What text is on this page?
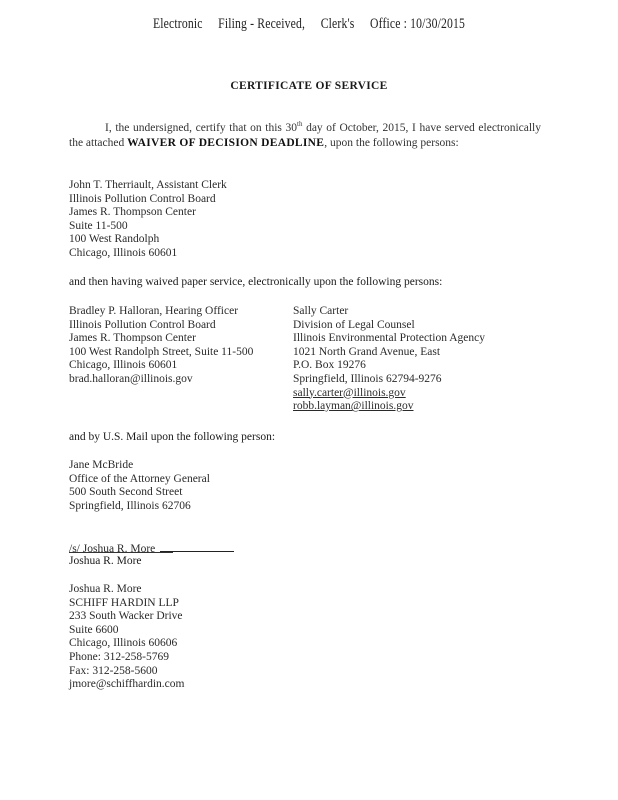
Electronic Filing - Received, Clerk's Office : 10/30/2015
CERTIFICATE OF SERVICE
I, the undersigned, certify that on this 30th day of October, 2015, I have served electronically the attached WAIVER OF DECISION DEADLINE, upon the following persons:
John T. Therriault, Assistant Clerk
Illinois Pollution Control Board
James R. Thompson Center
Suite 11-500
100 West Randolph
Chicago, Illinois 60601
and then having waived paper service, electronically upon the following persons:
Bradley P. Halloran, Hearing Officer
Illinois Pollution Control Board
James R. Thompson Center
100 West Randolph Street, Suite 11-500
Chicago, Illinois 60601
brad.halloran@illinois.gov
Sally Carter
Division of Legal Counsel
Illinois Environmental Protection Agency
1021 North Grand Avenue, East
P.O. Box 19276
Springfield, Illinois 62794-9276
sally.carter@illinois.gov
robb.layman@illinois.gov
and by U.S. Mail upon the following person:
Jane McBride
Office of the Attorney General
500 South Second Street
Springfield, Illinois 62706
/s/ Joshua R. More
Joshua R. More
Joshua R. More
SCHIFF HARDIN LLP
233 South Wacker Drive
Suite 6600
Chicago, Illinois 60606
Phone: 312-258-5769
Fax: 312-258-5600
jmore@schiffhardin.com
